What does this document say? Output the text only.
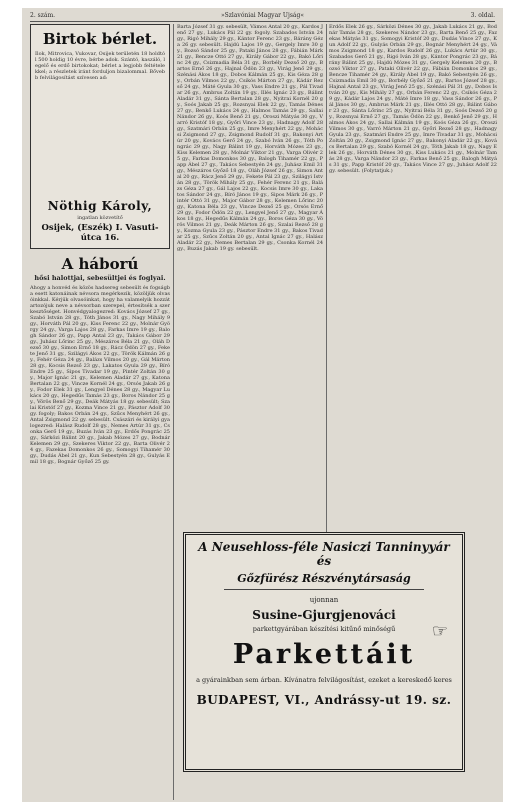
2. szám.	»Szlavóniai Magyar Ujság«	3. oldal.
Birtok bérlet.
Ilok, Mitrovica, Vukovar, Osijek területén 18 holdtól 500 holdig 10 évre, bérbe adok. Szántó, kaszáló, legelő és erdő birtokokat; bérlet a legjobb feltételekkel; a részletek iránt forduljon bizalommal. Bővebb felvilágosítást szívesen ad:
Nöthig Károly,
ingatlan közvetítő
Osijek, (Eszék) I. Vasuti-útca 16.
A háború
hősi halottjai, sebesültjei és foglyai.
Ahogy a honvéd és közös hadsereg sebesült és fogságba esett katonáinak névsora megérkezik, közöljük olvasóinkkal. Kérjük olvasóinkat, hogy ha valamelyik hozzátartozójuk neve a névsorban szerepel, értesítsék a szerkesztőséget. Honvédgyalogezred: Kovács József 27 gy., Szabó István 28 gy., Tóth János 31 gy., Nagy Mihály 9 gy., Horváth Pál 20 gy., Kiss Ferenc 22 gy., Molnár György 24 gy., Varga Lajos 28 gy., Farkas Imre 19 gy., Balogh Sándor 26 gy., Papp Antal 23 gy., Takács Gábor 29 gy., Juhász Lőrinc 25 gy., Mészáros Béla 21 gy., Oláh Dezső 30 gy., Simon Ernő 18 gy., Rácz Ödön 27 gy., Fekete Jenő 31 gy., Szilágyi Ákos 22 gy., Török Kálmán 26 gy., Fehér Géza 24 gy., Balázs Vilmos 20 gy., Gál Márton 28 gy., Kocsis Rezső 23 gy., Lakatos Gyula 29 gy., Bíró Endre 25 gy., Sipos Tivadar 19 gy., Pintér Zoltán 30 gy., Major Ignác 21 gy., Kelemen Aladár 27 gy., Katona Bertalan 22 gy., Vincze Kornél 24 gy., Orsós Jakab 26 gy., Fodor Elek 31 gy., Lengyel Dénes 28 gy., Magyar Lukács 20 gy., Hegedűs Tamás 23 gy., Boros Nándor 25 gy., Vörös Benő 29 gy., Deák Mátyás 18 gy. sebesült; Szalai Kristóf 27 gy., Kozma Vince 21 gy., Pásztor Adolf 30 gy. fogoly; Bakos Orbán 24 gy., Szűcs Menyhért 26 gy., Antal Zsigmond 22 gy. sebesült. Császári és királyi gyalogezred: Halász Rudolf 28 gy., Nemes Artúr 31 gy., Csonka Gerő 19 gy., Buzás Iván 23 gy., Erdős Pongrác 25 gy., Sárközi Bálint 20 gy., Jakab Mózes 27 gy., Bodnár Kelemen 29 gy., Szekeres Viktor 22 gy., Barta Olivér 24 gy., Fazekas Domonkos 26 gy., Somogyi Tihamér 30 gy., Dudás Ábel 21 gy., Kun Sebestyén 28 gy., Gulyás Emil 18 gy., Bognár Győző 25 gy.
Barta József 31 gy. sebesült, Vámos Antal 20 gy., Kardos Jenő 27 gy., Lukács Pál 22 gy. fogoly. Szabados István 24 gy., Rigó Mihály 29 gy., Kántor Ferenc 23 gy., Bárány Géza 26 gy. sebesült. Hajdú Lajos 19 gy., Gergely Imre 30 gy., Bozsó Sándor 25 gy., Pataki János 28 gy., Fábián Márk 21 gy., Bencze Ottó 27 gy., Király Gábor 22 gy., Bakó Lőrinc 24 gy., Csizmadia Béla 31 gy., Borbély Dezső 20 gy., Bartos Ernő 26 gy., Hajnal Ödön 23 gy., Virág Jenő 29 gy., Szénási Ákos 18 gy., Dobos Kálmán 25 gy., Kis Géza 28 gy., Orbán Vilmos 22 gy., Csikós Márton 27 gy., Kádár Rezső 24 gy., Máté Gyula 30 gy., Vass Endre 21 gy., Pál Tivadar 26 gy., Ambrus Zoltán 19 gy., Illés Ignác 23 gy., Bálint Aladár 31 gy., Sánta Bertalan 28 gy., Nyitrai Kornél 20 gy., Soós Jakab 25 gy., Rozsnyai Elek 22 gy., Tamás Dénes 27 gy., Benkő Lukács 24 gy., Halmos Tamás 29 gy., Sallai Nándor 26 gy., Koós Benő 21 gy., Oroszi Mátyás 30 gy., Varró Kristóf 18 gy., Győri Vince 23 gy., Hadnagy Adolf 28 gy., Szatmári Orbán 25 gy., Imre Menyhért 22 gy., Mohácsi Zsigmond 27 gy., Zsigmond Rudolf 31 gy., Bakonyi Artúr 20 gy., Kovács Gerő 24 gy., Szabó Iván 26 gy., Tóth Pongrác 29 gy., Nagy Bálint 19 gy., Horváth Mózes 23 gy., Kiss Kelemen 28 gy., Molnár Viktor 21 gy., Varga Olivér 25 gy., Farkas Domonkos 30 gy., Balogh Tihamér 22 gy., Papp Ábel 27 gy., Takács Sebestyén 24 gy., Juhász Emil 31 gy., Mészáros Győző 18 gy., Oláh József 26 gy., Simon Antal 20 gy., Rácz Jenő 29 gy., Fekete Pál 23 gy., Szilágyi István 28 gy., Török Mihály 25 gy., Fehér Ferenc 21 gy., Balázs Géza 27 gy., Gál Lajos 22 gy., Kocsis Imre 30 gy., Lakatos Sándor 24 gy., Bíró János 19 gy., Sipos Márk 26 gy., Pintér Ottó 31 gy., Major Gábor 28 gy., Kelemen Lőrinc 20 gy., Katona Béla 23 gy., Vincze Dezső 25 gy., Orsós Ernő 29 gy., Fodor Ödön 22 gy., Lengyel Jenő 27 gy., Magyar Ákos 18 gy., Hegedűs Kálmán 24 gy., Boros Géza 30 gy., Vörös Vilmos 21 gy., Deák Márton 26 gy., Szalai Rezső 28 gy., Kozma Gyula 23 gy., Pásztor Endre 31 gy., Bakos Tivadar 25 gy., Szűcs Zoltán 20 gy., Antal Ignác 27 gy., Halász Aladár 22 gy., Nemes Bertalan 29 gy., Csonka Kornél 24 gy., Buzás Jakab 19 gy. sebesült.
Erdős Elek 26 gy., Sárközi Dénes 30 gy., Jakab Lukács 21 gy., Bodnár Tamás 28 gy., Szekeres Nándor 23 gy., Barta Benő 25 gy., Fazekas Mátyás 31 gy., Somogyi Kristóf 20 gy., Dudás Vince 27 gy., Kun Adolf 22 gy., Gulyás Orbán 29 gy., Bognár Menyhért 24 gy., Vámos Zsigmond 18 gy., Kardos Rudolf 26 gy., Lukács Artúr 30 gy., Szabados Gerő 21 gy., Rigó Iván 28 gy., Kántor Pongrác 23 gy., Bárány Bálint 25 gy., Hajdú Mózes 31 gy., Gergely Kelemen 20 gy., Bozsó Viktor 27 gy., Pataki Olivér 22 gy., Fábián Domonkos 29 gy., Bencze Tihamér 24 gy., Király Ábel 19 gy., Bakó Sebestyén 26 gy., Csizmadia Emil 30 gy., Borbély Győző 21 gy., Bartos József 28 gy., Hajnal Antal 23 gy., Virág Jenő 25 gy., Szénási Pál 31 gy., Dobos István 20 gy., Kis Mihály 27 gy., Orbán Ferenc 22 gy., Csikós Géza 29 gy., Kádár Lajos 24 gy., Máté Imre 18 gy., Vass Sándor 26 gy., Pál János 30 gy., Ambrus Márk 21 gy., Illés Ottó 28 gy., Bálint Gábor 23 gy., Sánta Lőrinc 25 gy., Nyitrai Béla 31 gy., Soós Dezső 20 gy., Rozsnyai Ernő 27 gy., Tamás Ödön 22 gy., Benkő Jenő 29 gy., Halmos Ákos 24 gy., Sallai Kálmán 19 gy., Koós Géza 26 gy., Oroszi Vilmos 30 gy., Varró Márton 21 gy., Győri Rezső 28 gy., Hadnagy Gyula 23 gy., Szatmári Endre 25 gy., Imre Tivadar 31 gy., Mohácsi Zoltán 20 gy., Zsigmond Ignác 27 gy., Bakonyi Aladár 22 gy., Kovács Bertalan 29 gy., Szabó Kornél 24 gy., Tóth Jakab 18 gy., Nagy Elek 26 gy., Horváth Dénes 30 gy., Kiss Lukács 21 gy., Molnár Tamás 28 gy., Varga Nándor 23 gy., Farkas Benő 25 gy., Balogh Mátyás 31 gy., Papp Kristóf 20 gy., Takács Vince 27 gy., Juhász Adolf 22 gy. sebesült. (Folytatjuk.)
A Neusehloss-féle Nasiczi Tanninyyár és
Gőzfürész Részvénytársaság
ujonnan
Susine-Gjurgjenováci
parkettgyárában készítési kitűnő minőségű
Parkettáit
☞
a gyárainkban sem árban. Kívánatra felvilágosítást, ezeket a kereskedő keres
BUDAPEST, VI., Andrássy-ut 19. sz.
